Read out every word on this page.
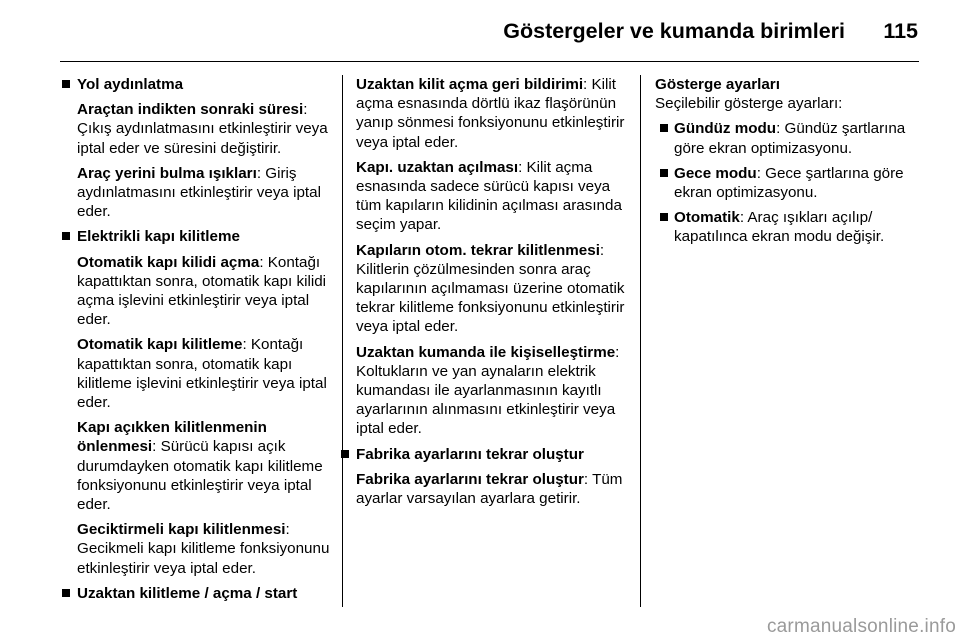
Göstergeler ve kumanda birimleri 115
Yol aydınlatma
Araçtan indikten sonraki süresi: Çıkış aydınlatmasını etkinleştirir veya iptal eder ve süresini değiştirir.
Araç yerini bulma ışıkları: Giriş aydınlatmasını etkinleştirir veya iptal eder.
Elektrikli kapı kilitleme
Otomatik kapı kilidi açma: Kontağı kapattıktan sonra, otomatik kapı kilidi açma işlevini etkinleştirir veya iptal eder.
Otomatik kapı kilitleme: Kontağı kapattıktan sonra, otomatik kapı kilitleme işlevini etkinleştirir veya iptal eder.
Kapı açıkken kilitlenmenin önlenmesi: Sürücü kapısı açık durumdayken otomatik kapı kilitleme fonksiyonunu etkinleştirir veya iptal eder.
Geciktirmeli kapı kilitlenmesi: Gecikmeli kapı kilitleme fonksiyonunu etkinleştirir veya iptal eder.
Uzaktan kilitleme / açma / start
Uzaktan kilit açma geri bildirimi: Kilit açma esnasında dörtlü ikaz flaşörünün yanıp sönmesi fonksiyonunu etkinleştirir veya iptal eder.
Kapı. uzaktan açılması: Kilit açma esnasında sadece sürücü kapısı veya tüm kapıların kilidinin açılması arasında seçim yapar.
Kapıların otom. tekrar kilitlenmesi: Kilitlerin çözülmesinden sonra araç kapılarının açılmaması üzerine otomatik tekrar kilitleme fonksiyonunu etkinleştirir veya iptal eder.
Uzaktan kumanda ile kişiselleştirme: Koltukların ve yan aynaların elektrik kumandası ile ayarlanmasının kayıtlı ayarlarının alınmasını etkinleştirir veya iptal eder.
Fabrika ayarlarını tekrar oluştur
Fabrika ayarlarını tekrar oluştur: Tüm ayarlar varsayılan ayarlara getirir.
Gösterge ayarları
Seçilebilir gösterge ayarları:
Gündüz modu: Gündüz şartlarına göre ekran optimizasyonu.
Gece modu: Gece şartlarına göre ekran optimizasyonu.
Otomatik: Araç ışıkları açılıp/ kapatılınca ekran modu değişir.
carmanualsonline.info
